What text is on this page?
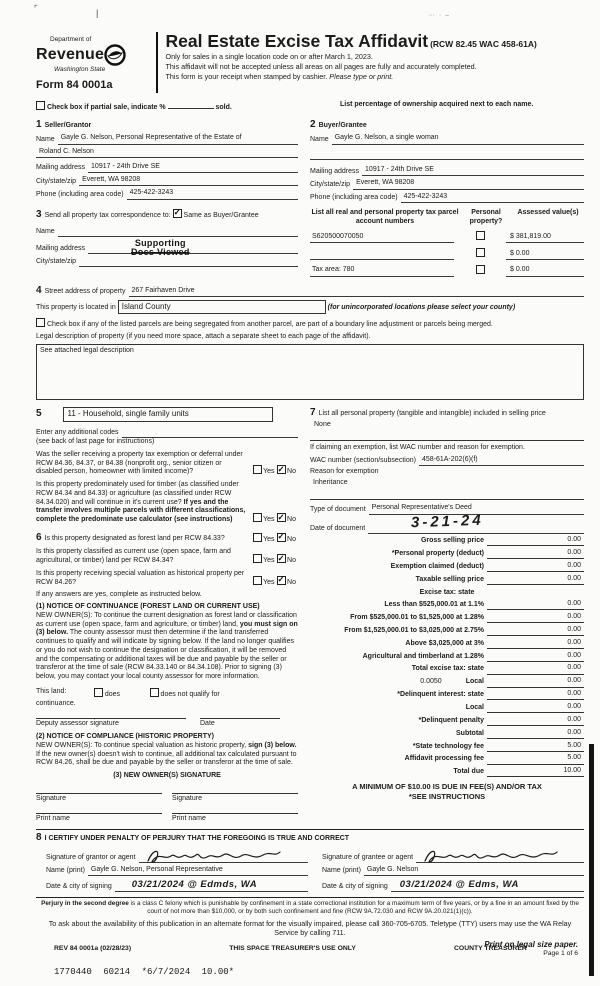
⌜	|	···  ·  –
Department of
Revenue
Washington State
Form 84 0001a
Real Estate Excise Tax Affidavit (RCW 82.45 WAC 458-61A)
Only for sales in a single location code on or after March 1, 2023.
This affidavit will not be accepted unless all areas on all pages are fully and accurately completed.
This form is your receipt when stamped by cashier. Please type or print.
Check box if partial sale, indicate %	sold.	List percentage of ownership acquired next to each name.
1 Seller/Grantor
Name Gayle G. Nelson, Personal Representative of the Estate of
Roland C. Nelson
Mailing address 10917 - 24th Drive SE
City/state/zip Everett, WA 98208
Phone (including area code) 425-422-3243
3 Send all property tax correspondence to: ✓ Same as Buyer/Grantee
Name
Mailing address
Supporting
Docs Viewed
City/state/zip
2 Buyer/Grantee
Name Gayle G. Nelson, a single woman
Mailing address 10917 - 24th Drive SE
City/state/zip Everett, WA 98208
Phone (including area code) 425-422-3243
List all real and personal property tax parcel account numbers
Personal property?
Assessed value(s)
S620500070050	$ 381,819.00
$ 0.00
Tax area: 780	$ 0.00
4 Street address of property 267 Fairhaven Drive
This property is located in Island County	(for unincorporated locations please select your county)
Check box if any of the listed parcels are being segregated from another parcel, are part of a boundary line adjustment or parcels being merged.
Legal description of property (if you need more space, attach a separate sheet to each page of the affidavit).
See attached legal description
5	11 - Household, single family units
Enter any additional codes
(see back of last page for instructions)
Was the seller receiving a property tax exemption or deferral under RCW 84.36, 84.37, or 84.38 (nonprofit org., senior citizen or disabled person, homeowner with limited income)?	Yes ✓ No
Is this property predominately used for timber (as classified under RCW 84.34 and 84.33) or agriculture (as classified under RCW 84.34.020) and will continue in it's current use? If yes and the transfer involves multiple parcels with different classifications, complete the predominate use calculator (see instructions)	Yes ✓ No
6 Is this property designated as forest land per RCW 84.33?	Yes ✓ No
Is this property classified as current use (open space, farm and agricultural, or timber) land per RCW 84.34?	Yes ✓ No
Is this property receiving special valuation as historical property per RCW 84.26?	Yes ✓ No
If any answers are yes, complete as instructed below.
(1) NOTICE OF CONTINUANCE (FOREST LAND OR CURRENT USE)
NEW OWNER(S): To continue the current designation as forest land or classification as current use (open space, farm and agriculture, or timber) land, you must sign on (3) below. The county assessor must then determine if the land transferred continues to qualify and will indicate by signing below. If the land no longer qualifies or you do not wish to continue the designation or classification, it will be removed and the compensating or additional taxes will be due and payable by the seller or transferor at the time of sale (RCW 84.33.140 or 84.34.108). Prior to signing (3) below, you may contact your local county assessor for more information.
This land:	does	does not qualify for
continuance.
Deputy assessor signature	Date
(2) NOTICE OF COMPLIANCE (HISTORIC PROPERTY)
NEW OWNER(S): To continue special valuation as historic property, sign (3) below. If the new owner(s) doesn't wish to continue, all additional tax calculated pursuant to RCW 84.26, shall be due and payable by the seller or transferor at the time of sale.
(3) NEW OWNER(S) SIGNATURE
Signature	Signature
Print name	Print name
7 List all personal property (tangible and intangible) included in selling price
None
If claiming an exemption, list WAC number and reason for exemption.
WAC number (section/subsection) 458-61A-202(6)(f)
Reason for exemption
Inheritance
Type of document Personal Representative's Deed
Date of document	3-21-24
Gross selling price	0.00
*Personal property (deduct)	0.00
Exemption claimed (deduct)	0.00
Taxable selling price	0.00
Excise tax: state
Less than $525,000.01 at 1.1%	0.00
From $525,000.01 to $1,525,000 at 1.28%	0.00
From $1,525,000.01 to $3,025,000 at 2.75%	0.00
Above $3,025,000 at 3%	0.00
Agricultural and timberland at 1.28%	0.00
Total excise tax: state	0.00
0.0050	Local	0.00
*Delinquent interest: state	0.00
Local	0.00
*Delinquent penalty	0.00
Subtotal	0.00
*State technology fee	5.00
Affidavit processing fee	5.00
Total due	10.00
A MINIMUM OF $10.00 IS DUE IN FEE(S) AND/OR TAX
*SEE INSTRUCTIONS
8 I CERTIFY UNDER PENALTY OF PERJURY THAT THE FOREGOING IS TRUE AND CORRECT
Signature of grantor or agent
Name (print) Gayle G. Nelson, Personal Representative
Date & city of signing	03/21/2024 @ Edmds, WA
Signature of grantee or agent
Name (print) Gayle G. Nelson
Date & city of signing	03/21/2024 @ Edms, WA
Perjury in the second degree is a class C felony which is punishable by confinement in a state correctional institution for a maximum term of five years, or by a fine in an amount fixed by the court of not more than $10,000, or by both such confinement and fine (RCW 9A.72.030 and RCW 9A.20.021(1)(c)).
To ask about the availability of this publication in an alternate format for the visually impaired, please call 360-705-6705. Teletype (TTY) users may use the WA Relay Service by calling 711.
REV 84 0001a (02/28/23)	THIS SPACE TREASURER'S USE ONLY	COUNTY TREASURER
1770440 60214 *6/7/2024 10.00*
Print on legal size paper.
Page 1 of 6
